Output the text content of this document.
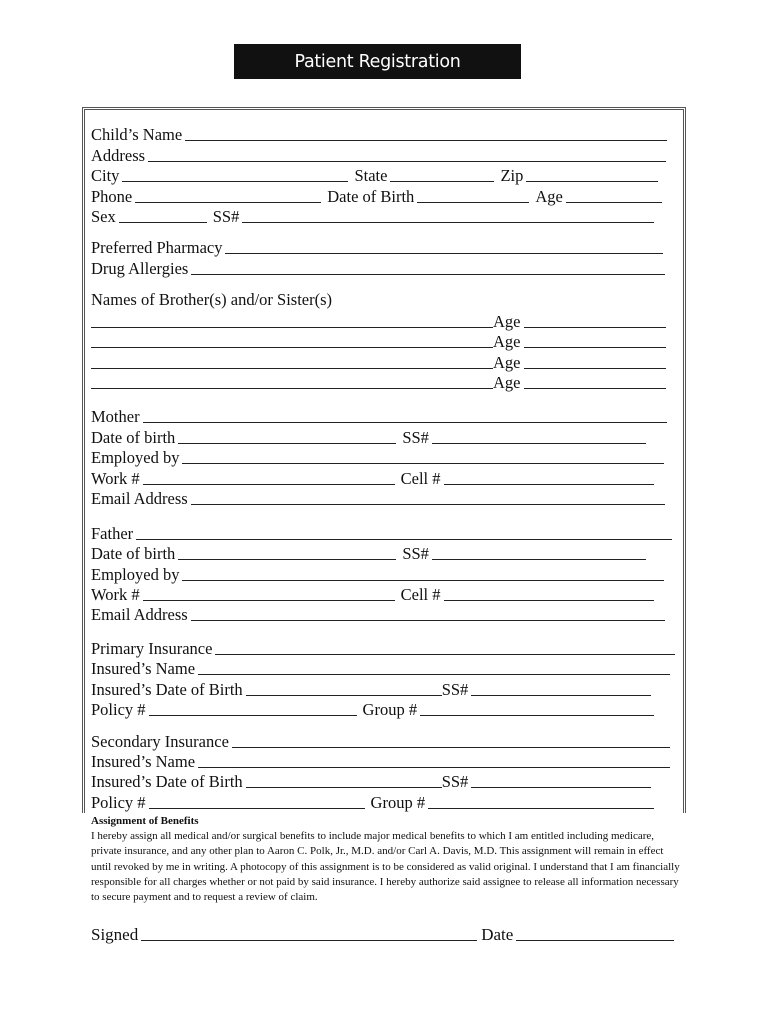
Patient Registration
Child’s Name
Address
City	State	Zip
Phone	Date of Birth	Age
Sex	SS#
Preferred Pharmacy
Drug Allergies
Names of Brother(s) and/or Sister(s)
Age
Age
Age
Age
Mother
Date of birth	SS#
Employed by
Work #	Cell #
Email Address
Father
Date of birth	SS#
Employed by
Work #	Cell #
Email Address
Primary Insurance
Insured’s Name
Insured’s Date of Birth	SS#
Policy #	Group #
Secondary Insurance
Insured’s Name
Insured’s Date of Birth	SS#
Policy #	Group #
Assignment of Benefits
I hereby assign all medical and/or surgical benefits to include major medical benefits to which I am entitled including medicare, private insurance, and any other plan to Aaron C. Polk, Jr., M.D. and/or Carl A. Davis, M.D. This assignment will remain in effect until revoked by me in writing. A photocopy of this assignment is to be considered as valid original. I understand that I am financially responsible for all charges whether or not paid by said insurance. I hereby authorize said assignee to release all information necessary to secure payment and to request a review of claim.
Signed	Date
